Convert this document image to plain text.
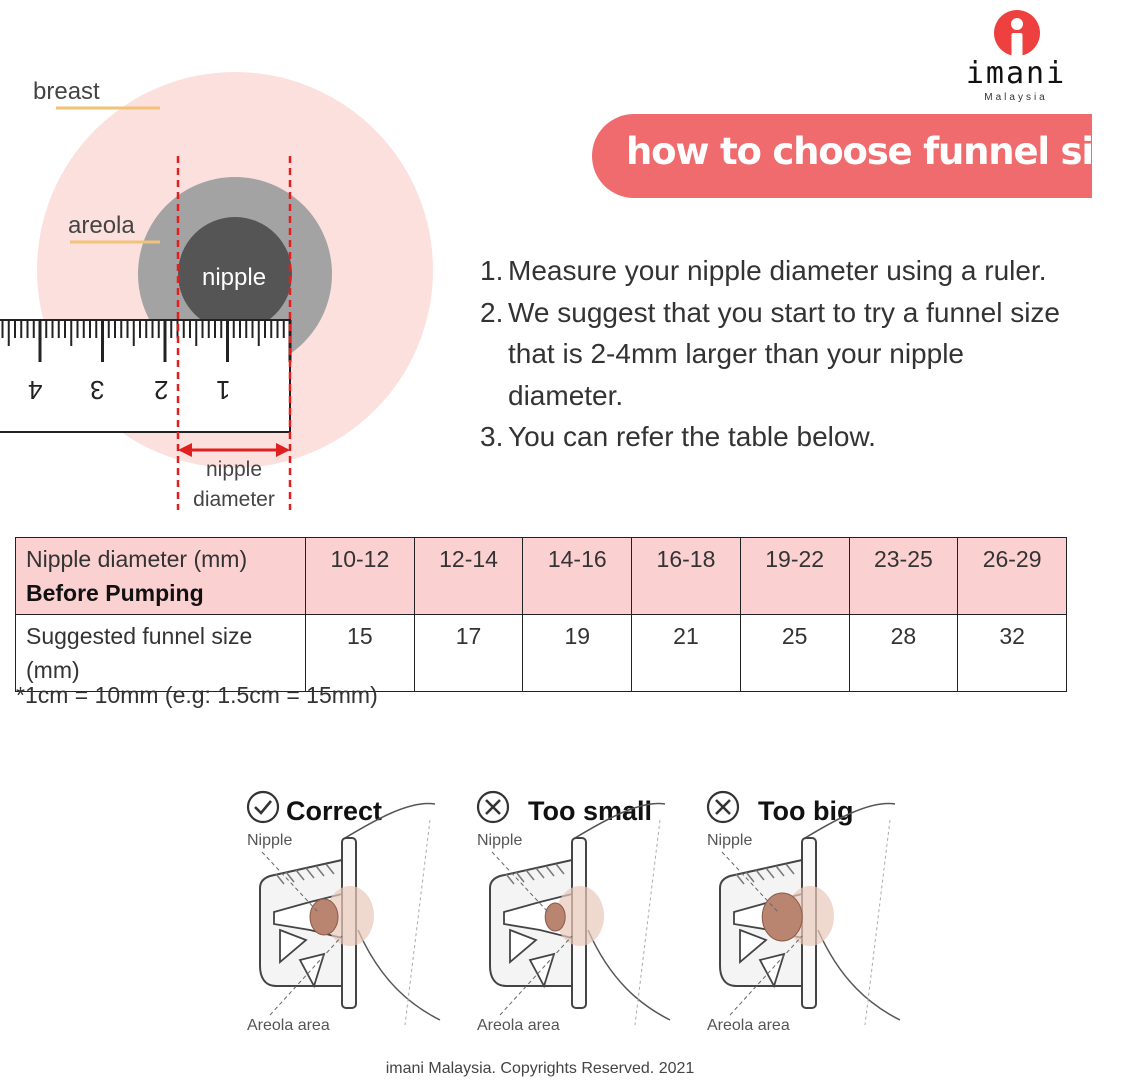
imani
Malaysia
how to choose funnel size
breast
areola
nipple
nipple
diameter
1
2
3
4
1. Measure your nipple diameter using a ruler.
2. We suggest that you start to try a funnel size that is 2-4mm larger than your nipple diameter.
3. You can refer the table below.
Nipple diameter (mm)
Before Pumping	10-12	12-14	14-16	16-18	19-22	23-25	26-29
Suggested funnel size (mm)	15	17	19	21	25	28	32
*1cm = 10mm (e.g: 1.5cm = 15mm)
Correct
Nipple
Areola area
Too small
Nipple
Areola area
Too big
Nipple
Areola area
imani Malaysia. Copyrights Reserved. 2021
